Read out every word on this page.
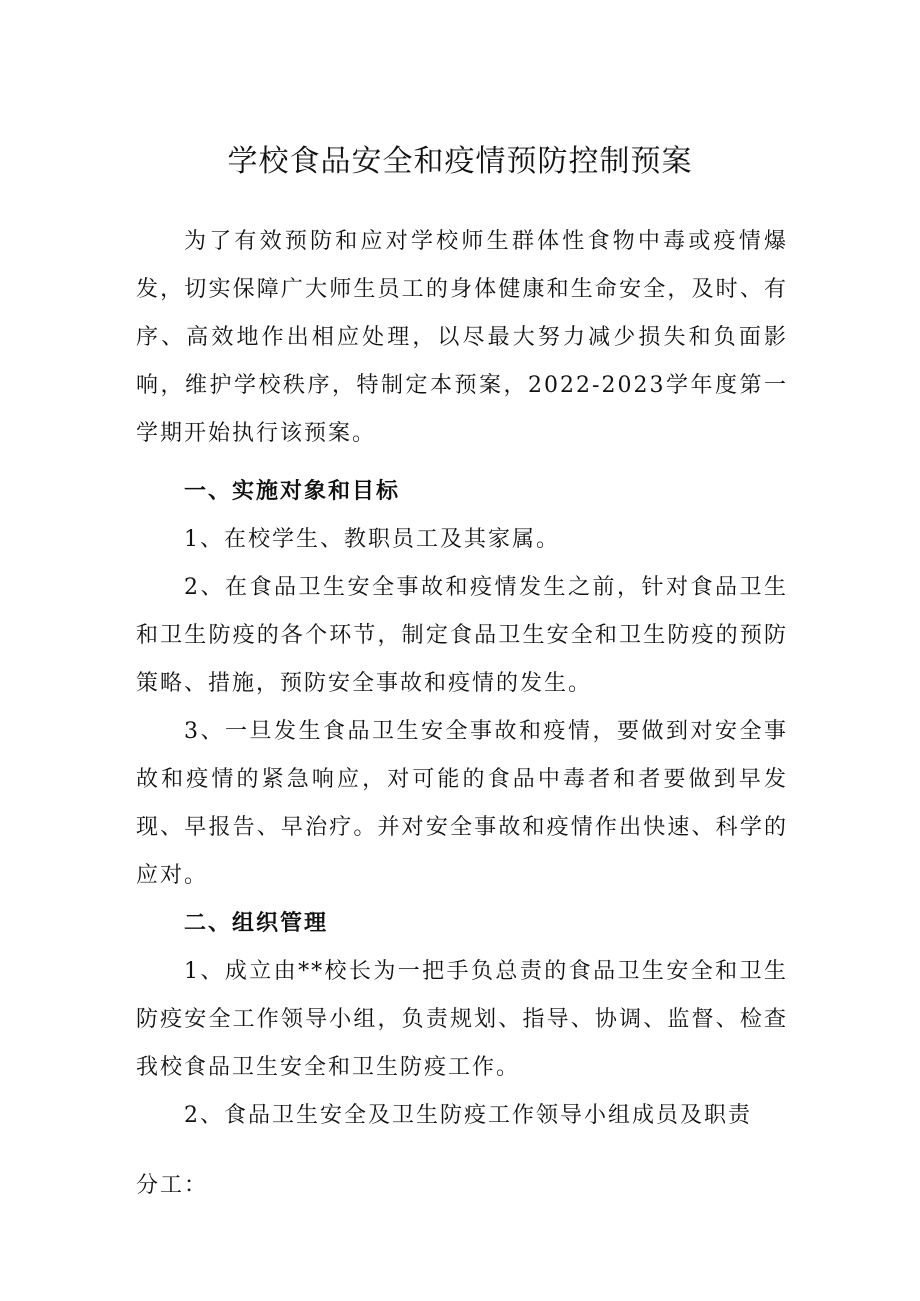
学校食品安全和疫情预防控制预案

为了有效预防和应对学校师生群体性食物中毒或疫情爆发，切实保障广大师生员工的身体健康和生命安全，及时、有序、高效地作出相应处理，以尽最大努力减少损失和负面影响，维护学校秩序，特制定本预案，2022-2023学年度第一学期开始执行该预案。

一、实施对象和目标

1、在校学生、教职员工及其家属。

2、在食品卫生安全事故和疫情发生之前，针对食品卫生和卫生防疫的各个环节，制定食品卫生安全和卫生防疫的预防策略、措施，预防安全事故和疫情的发生。

3、一旦发生食品卫生安全事故和疫情，要做到对安全事故和疫情的紧急响应，对可能的食品中毒者和者要做到早发现、早报告、早治疗。并对安全事故和疫情作出快速、科学的应对。

二、组织管理

1、成立由**校长为一把手负总责的食品卫生安全和卫生防疫安全工作领导小组，负责规划、指导、协调、监督、检查我校食品卫生安全和卫生防疫工作。

2、食品卫生安全及卫生防疫工作领导小组成员及职责

分工：
